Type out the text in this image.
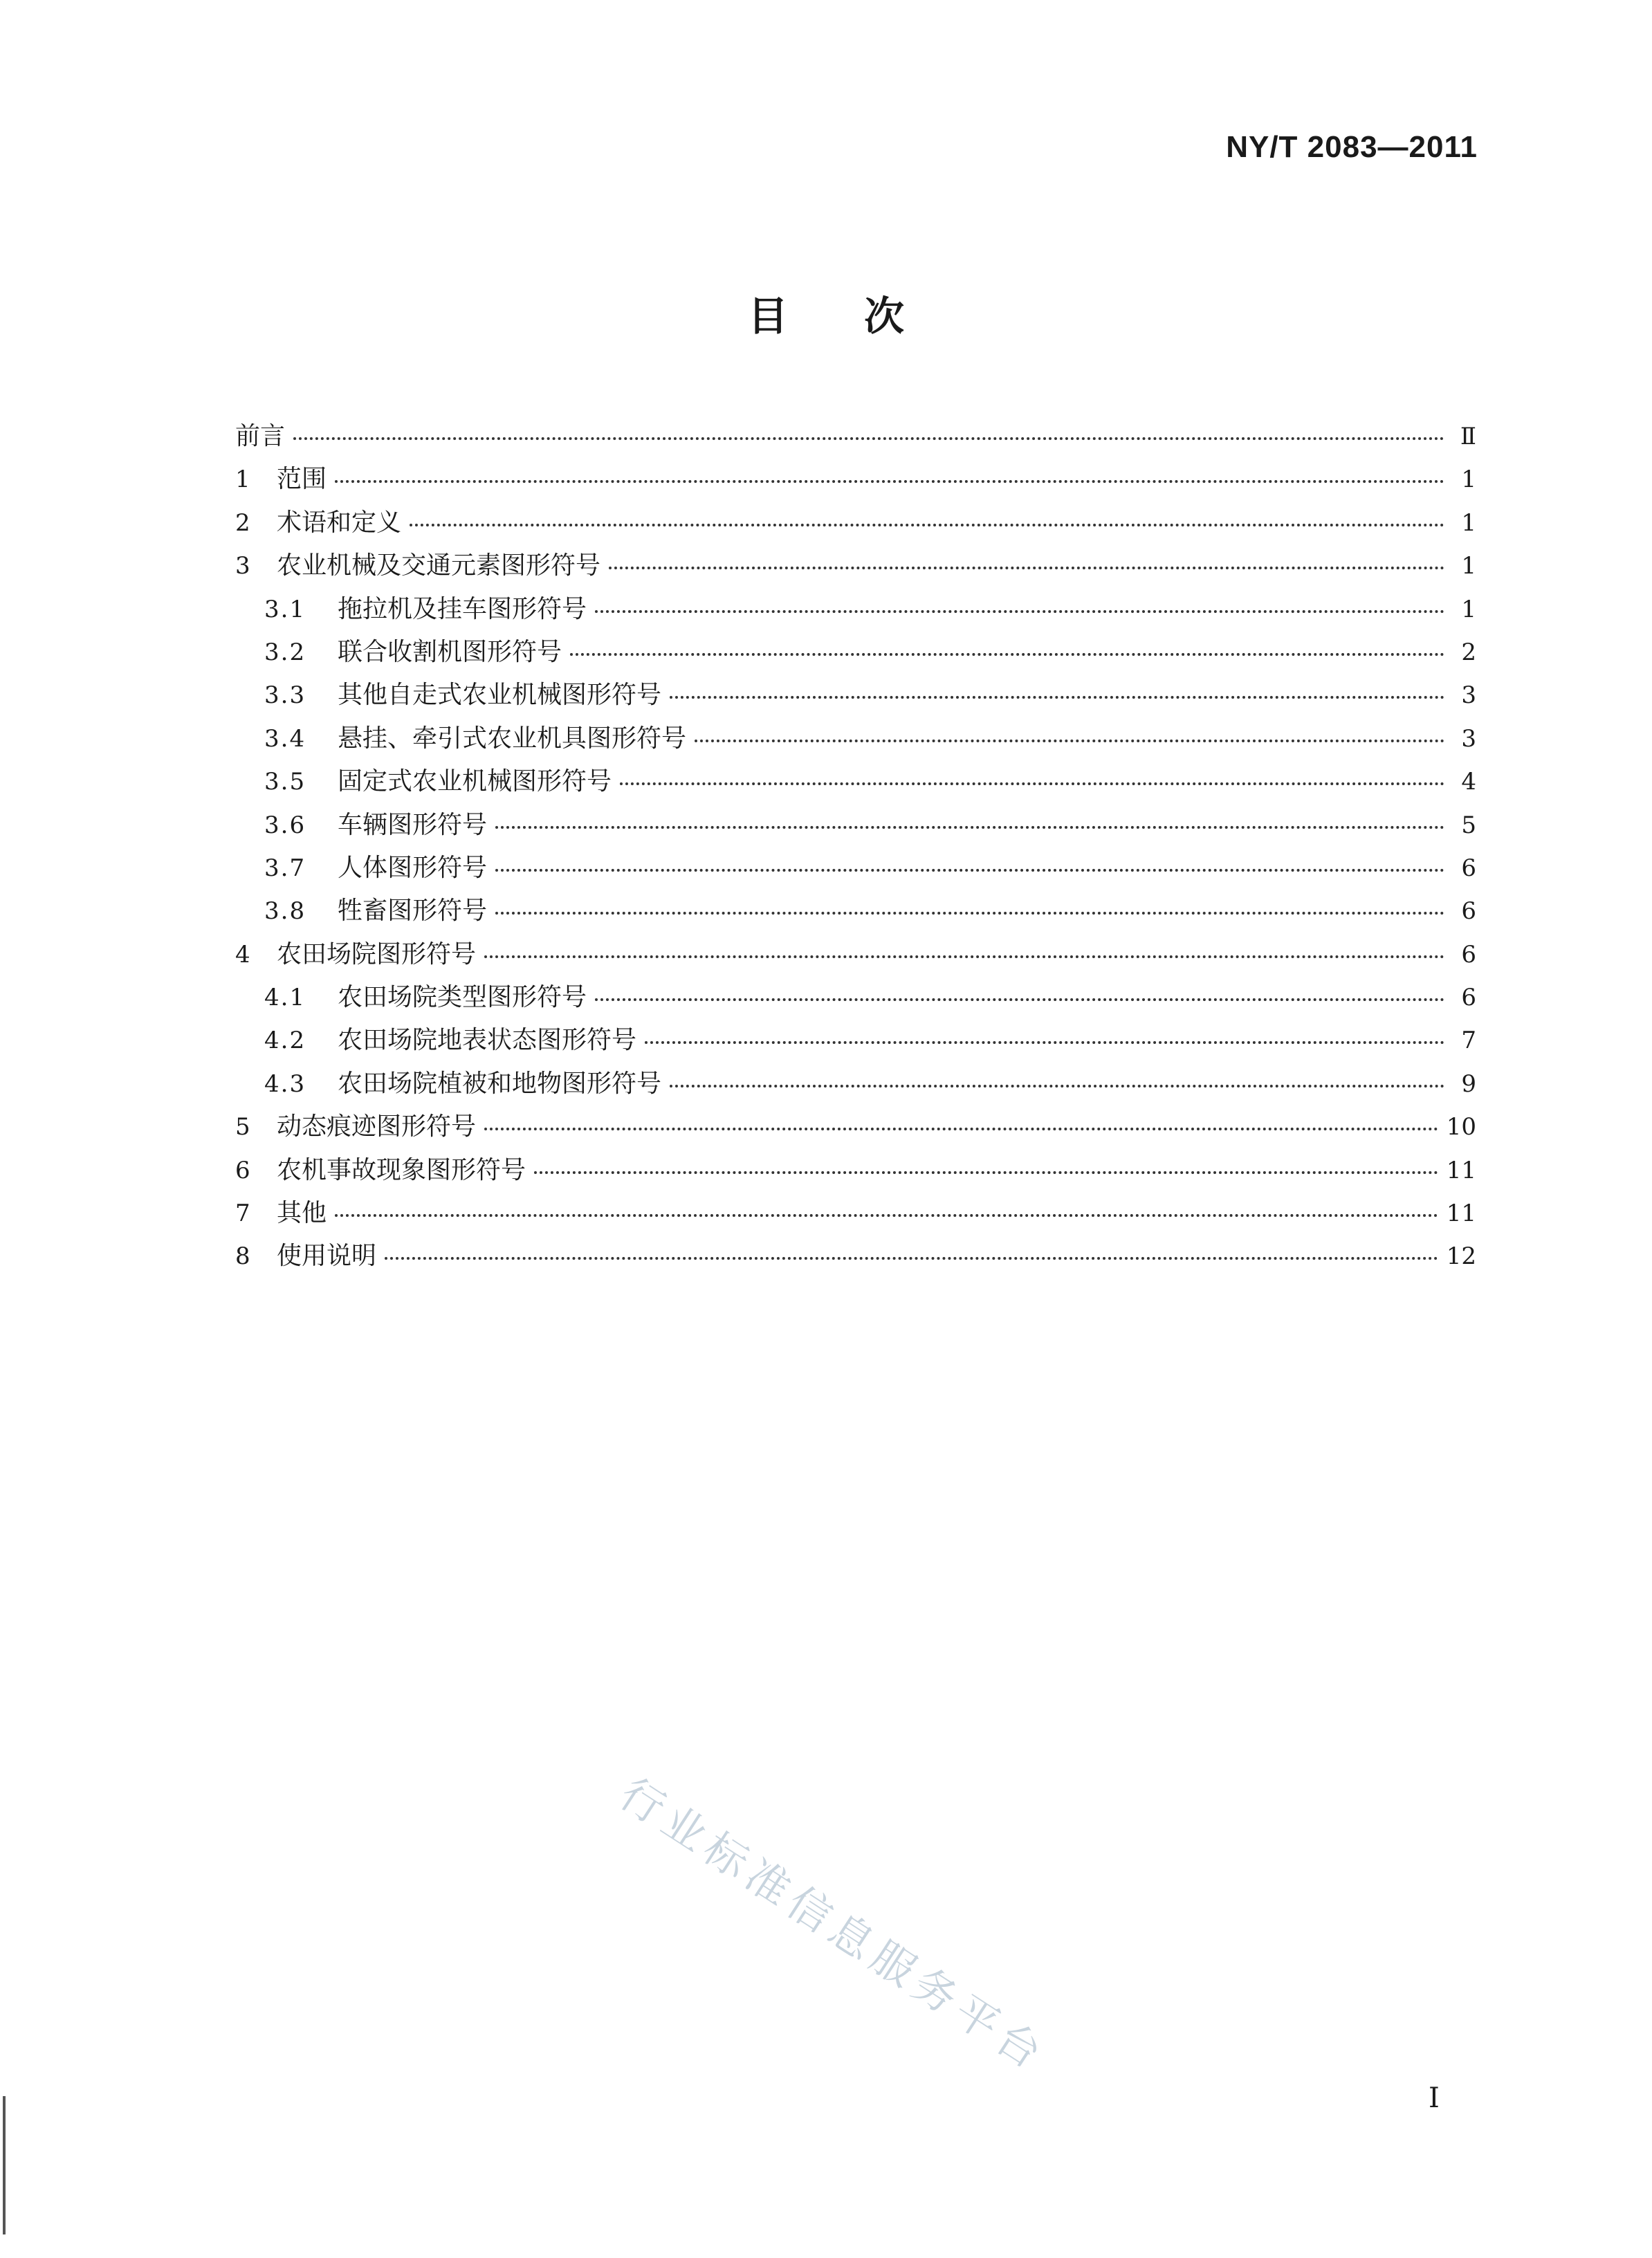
NY/T 2083—2011
目 次
前言	Ⅱ
1	范围	1
2	术语和定义	1
3	农业机械及交通元素图形符号	1
3.1	拖拉机及挂车图形符号	1
3.2	联合收割机图形符号	2
3.3	其他自走式农业机械图形符号	3
3.4	悬挂、牵引式农业机具图形符号	3
3.5	固定式农业机械图形符号	4
3.6	车辆图形符号	5
3.7	人体图形符号	6
3.8	牲畜图形符号	6
4	农田场院图形符号	6
4.1	农田场院类型图形符号	6
4.2	农田场院地表状态图形符号	7
4.3	农田场院植被和地物图形符号	9
5	动态痕迹图形符号	10
6	农机事故现象图形符号	11
7	其他	11
8	使用说明	12
行业标准信息服务平台
I
